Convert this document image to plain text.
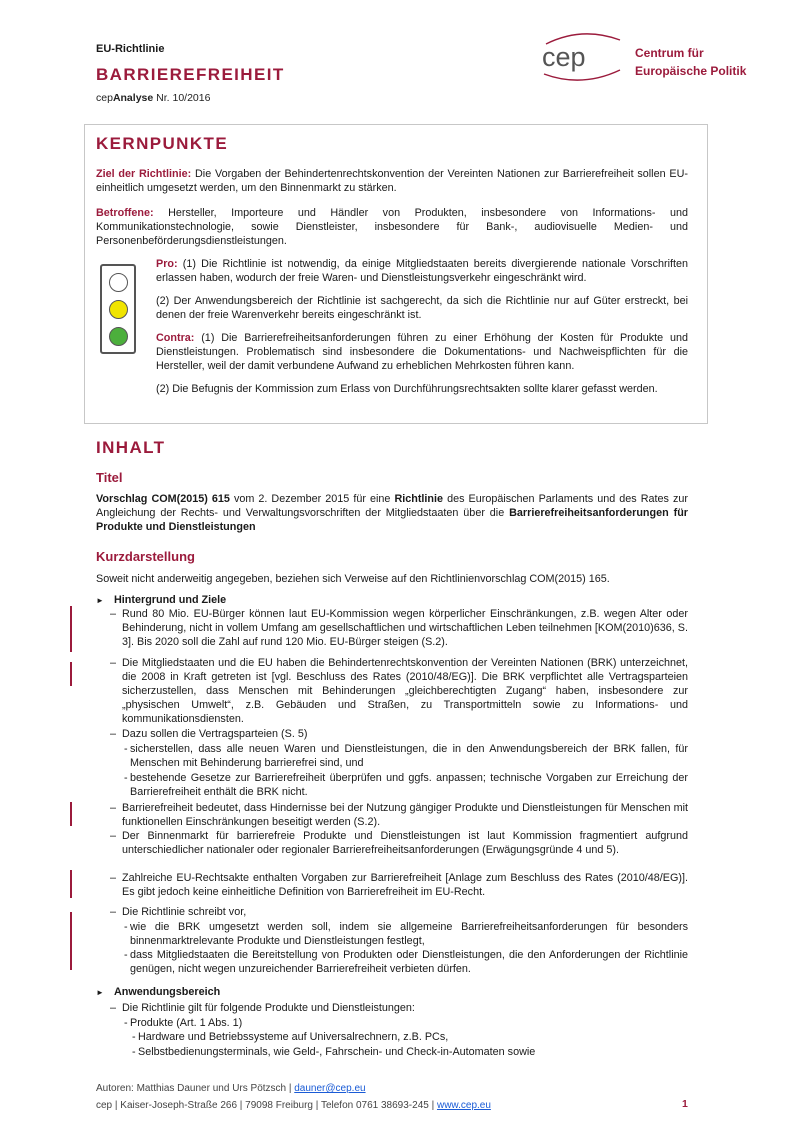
EU-Richtlinie
BARRIEREFREIHEIT
cepAnalyse Nr. 10/2016
cep	Centrum für
Europäische Politik
KERNPUNKTE
Ziel der Richtlinie: Die Vorgaben der Behindertenrechtskonvention der Vereinten Nationen zur Barrierefreiheit sollen EU-einheitlich umgesetzt werden, um den Binnenmarkt zu stärken.
Betroffene: Hersteller, Importeure und Händler von Produkten, insbesondere von Informations- und Kommunikationstechnologie, sowie Dienstleister, insbesondere für Bank-, audiovisuelle Medien- und Personenbeförderungsdienstleistungen.
Pro: (1) Die Richtlinie ist notwendig, da einige Mitgliedstaaten bereits divergierende nationale Vorschriften erlassen haben, wodurch der freie Waren- und Dienstleistungsverkehr eingeschränkt wird.
(2) Der Anwendungsbereich der Richtlinie ist sachgerecht, da sich die Richtlinie nur auf Güter erstreckt, bei denen der freie Warenverkehr bereits eingeschränkt ist.
Contra: (1) Die Barrierefreiheitsanforderungen führen zu einer Erhöhung der Kosten für Produkte und Dienstleistungen. Problematisch sind insbesondere die Dokumentations- und Nachweispflichten für die Hersteller, weil der damit verbundene Aufwand zu erheblichen Mehrkosten führen kann.
(2) Die Befugnis der Kommission zum Erlass von Durchführungsrechtsakten sollte klarer gefasst werden.
INHALT
Titel
Vorschlag COM(2015) 615 vom 2. Dezember 2015 für eine Richtlinie des Europäischen Parlaments und des Rates zur Angleichung der Rechts- und Verwaltungsvorschriften der Mitgliedstaaten über die Barrierefreiheitsanforderungen für Produkte und Dienstleistungen
Kurzdarstellung
Soweit nicht anderweitig angegeben, beziehen sich Verweise auf den Richtlinienvorschlag COM(2015) 165.
► Hintergrund und Ziele
– Rund 80 Mio. EU-Bürger können laut EU-Kommission wegen körperlicher Einschränkungen, z.B. wegen Alter oder Behinderung, nicht in vollem Umfang am gesellschaftlichen und wirtschaftlichen Leben teilnehmen [KOM(2010)636, S. 3]. Bis 2020 soll die Zahl auf rund 120 Mio. EU-Bürger steigen (S.2).
– Die Mitgliedstaaten und die EU haben die Behindertenrechtskonvention der Vereinten Nationen (BRK) unterzeichnet, die 2008 in Kraft getreten ist [vgl. Beschluss des Rates (2010/48/EG)]. Die BRK verpflichtet alle Vertragsparteien sicherzustellen, dass Menschen mit Behinderungen „gleichberechtigten Zugang“ haben, insbesondere zur „physischen Umwelt“, z.B. Gebäuden und Straßen, zu Transportmitteln sowie zu Informations- und kommunikationsdiensten.
– Dazu sollen die Vertragsparteien (S. 5)
- sicherstellen, dass alle neuen Waren und Dienstleistungen, die in den Anwendungsbereich der BRK fallen, für Menschen mit Behinderung barrierefrei sind, und
- bestehende Gesetze zur Barrierefreiheit überprüfen und ggfs. anpassen; technische Vorgaben zur Erreichung der Barrierefreiheit enthält die BRK nicht.
– Barrierefreiheit bedeutet, dass Hindernisse bei der Nutzung gängiger Produkte und Dienstleistungen für Menschen mit funktionellen Einschränkungen beseitigt werden (S.2).
– Der Binnenmarkt für barrierefreie Produkte und Dienstleistungen ist laut Kommission fragmentiert aufgrund unterschiedlicher nationaler oder regionaler Barrierefreiheitsanforderungen (Erwägungsgründe 4 und 5).
– Zahlreiche EU-Rechtsakte enthalten Vorgaben zur Barrierefreiheit [Anlage zum Beschluss des Rates (2010/48/EG)]. Es gibt jedoch keine einheitliche Definition von Barrierefreiheit im EU-Recht.
– Die Richtlinie schreibt vor,
- wie die BRK umgesetzt werden soll, indem sie allgemeine Barrierefreiheitsanforderungen für besonders binnenmarktrelevante Produkte und Dienstleistungen festlegt,
- dass Mitgliedstaaten die Bereitstellung von Produkten oder Dienstleistungen, die den Anforderungen der Richtlinie genügen, nicht wegen unzureichender Barrierefreiheit verbieten dürfen.
► Anwendungsbereich
– Die Richtlinie gilt für folgende Produkte und Dienstleistungen:
- Produkte (Art. 1 Abs. 1)
- Hardware und Betriebssysteme auf Universalrechnern, z.B. PCs,
- Selbstbedienungsterminals, wie Geld-, Fahrschein- und Check-in-Automaten sowie
Autoren: Matthias Dauner und Urs Pötzsch | dauner@cep.eu
cep | Kaiser-Joseph-Straße 266 | 79098 Freiburg | Telefon 0761 38693-245 | www.cep.eu	1
